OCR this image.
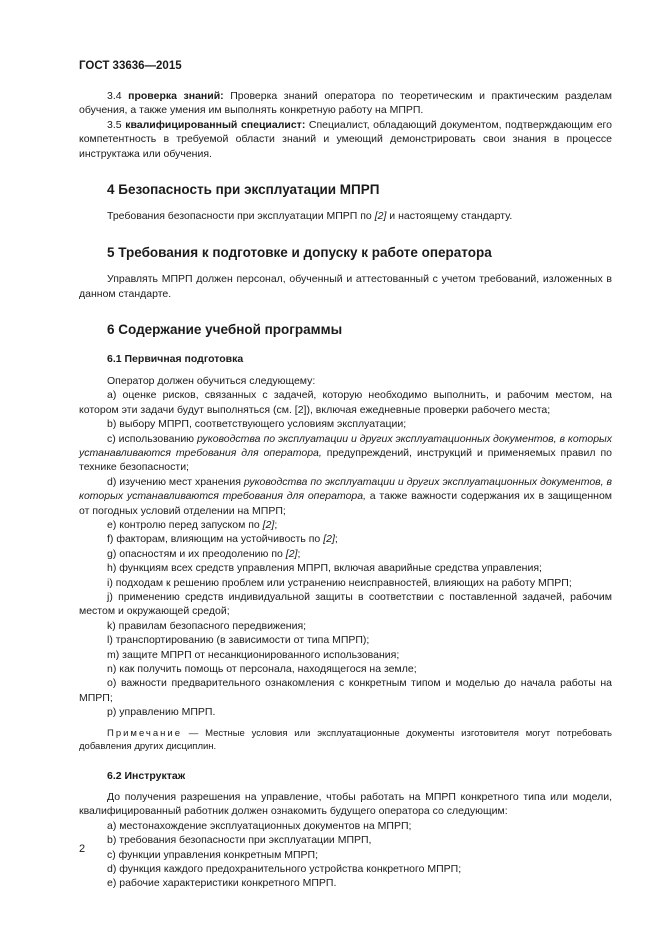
ГОСТ 33636—2015

3.4 проверка знаний: Проверка знаний оператора по теоретическим и практическим разделам обучения, а также умения им выполнять конкретную работу на МПРП.

3.5 квалифицированный специалист: Специалист, обладающий документом, подтверждающим его компетентность в требуемой области знаний и умеющий демонстрировать свои знания в процессе инструктажа или обучения.

4 Безопасность при эксплуатации МПРП

Требования безопасности при эксплуатации МПРП по [2] и настоящему стандарту.

5 Требования к подготовке и допуску к работе оператора

Управлять МПРП должен персонал, обученный и аттестованный с учетом требований, изложенных в данном стандарте.

6 Содержание учебной программы

6.1 Первичная подготовка

Оператор должен обучиться следующему:

a) оценке рисков, связанных с задачей, которую необходимо выполнить, и рабочим местом, на котором эти задачи будут выполняться (см. [2]), включая ежедневные проверки рабочего места;

b) выбору МПРП, соответствующего условиям эксплуатации;

c) использованию руководства по эксплуатации и других эксплуатационных документов, в которых устанавливаются требования для оператора, предупреждений, инструкций и применяемых правил по технике безопасности;

d) изучению мест хранения руководства по эксплуатации и других эксплуатационных документов, в которых устанавливаются требования для оператора, а также важности содержания их в защищенном от погодных условий отделении на МПРП;

e) контролю перед запуском по [2];

f) факторам, влияющим на устойчивость по [2];

g) опасностям и их преодолению по [2];

h) функциям всех средств управления МПРП, включая аварийные средства управления;

i) подходам к решению проблем или устранению неисправностей, влияющих на работу МПРП;

j) применению средств индивидуальной защиты в соответствии с поставленной задачей, рабочим местом и окружающей средой;

k) правилам безопасного передвижения;

l) транспортированию (в зависимости от типа МПРП);

m) защите МПРП от несанкционированного использования;

n) как получить помощь от персонала, находящегося на земле;

o) важности предварительного ознакомления с конкретным типом и моделью до начала работы на МПРП;

p) управлению МПРП.

Примечание — Местные условия или эксплуатационные документы изготовителя могут потребовать добавления других дисциплин.

6.2 Инструктаж

До получения разрешения на управление, чтобы работать на МПРП конкретного типа или модели, квалифицированный работник должен ознакомить будущего оператора со следующим:

a) местонахождение эксплуатационных документов на МПРП;

b) требования безопасности при эксплуатации МПРП,

c) функции управления конкретным МПРП;

d) функция каждого предохранительного устройства конкретного МПРП;

e) рабочие характеристики конкретного МПРП.

2
